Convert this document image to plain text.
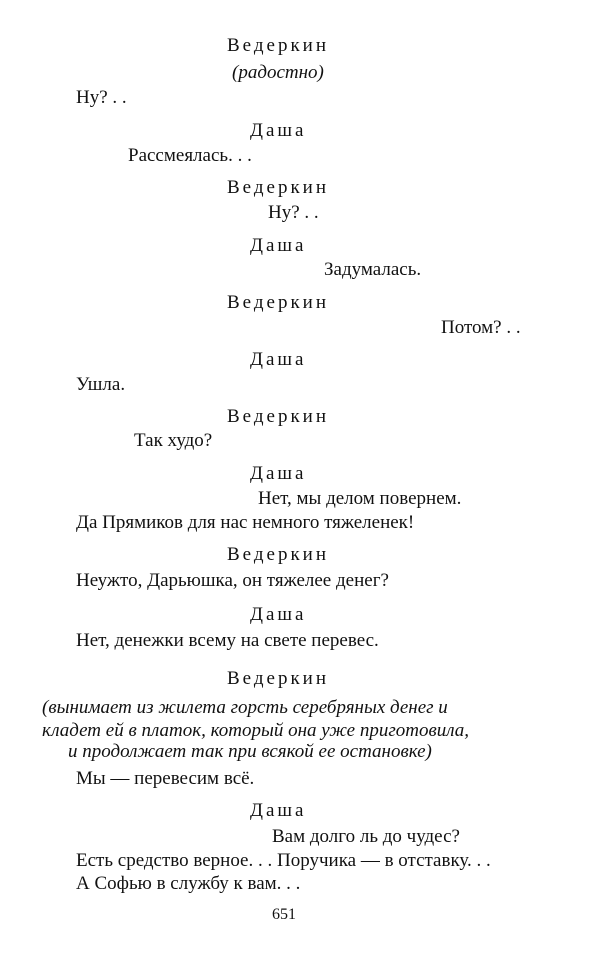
Ведеркин
(радостно)
Ну? . .
Даша
Рассмеялась. . .
Ведеркин
Ну? . .
Даша
Задумалась.
Ведеркин
Потом? . .
Даша
Ушла.
Ведеркин
Так худо?
Даша
Нет, мы делом повернем.
Да Прямиков для нас немного тяжеленек!
Ведеркин
Неужто, Дарьюшка, он тяжелее денег?
Даша
Нет, денежки всему на свете перевес.
Ведеркин
(вынимает из жилета горсть серебряных денег и
кладет ей в платок, который она уже приготовила,
и продолжает так при всякой ее остановке)
Мы — перевесим всё.
Даша
Вам долго ль до чудес?
Есть средство верное. . . Поручика — в отставку. . .
А Софью в службу к вам. . .
651
